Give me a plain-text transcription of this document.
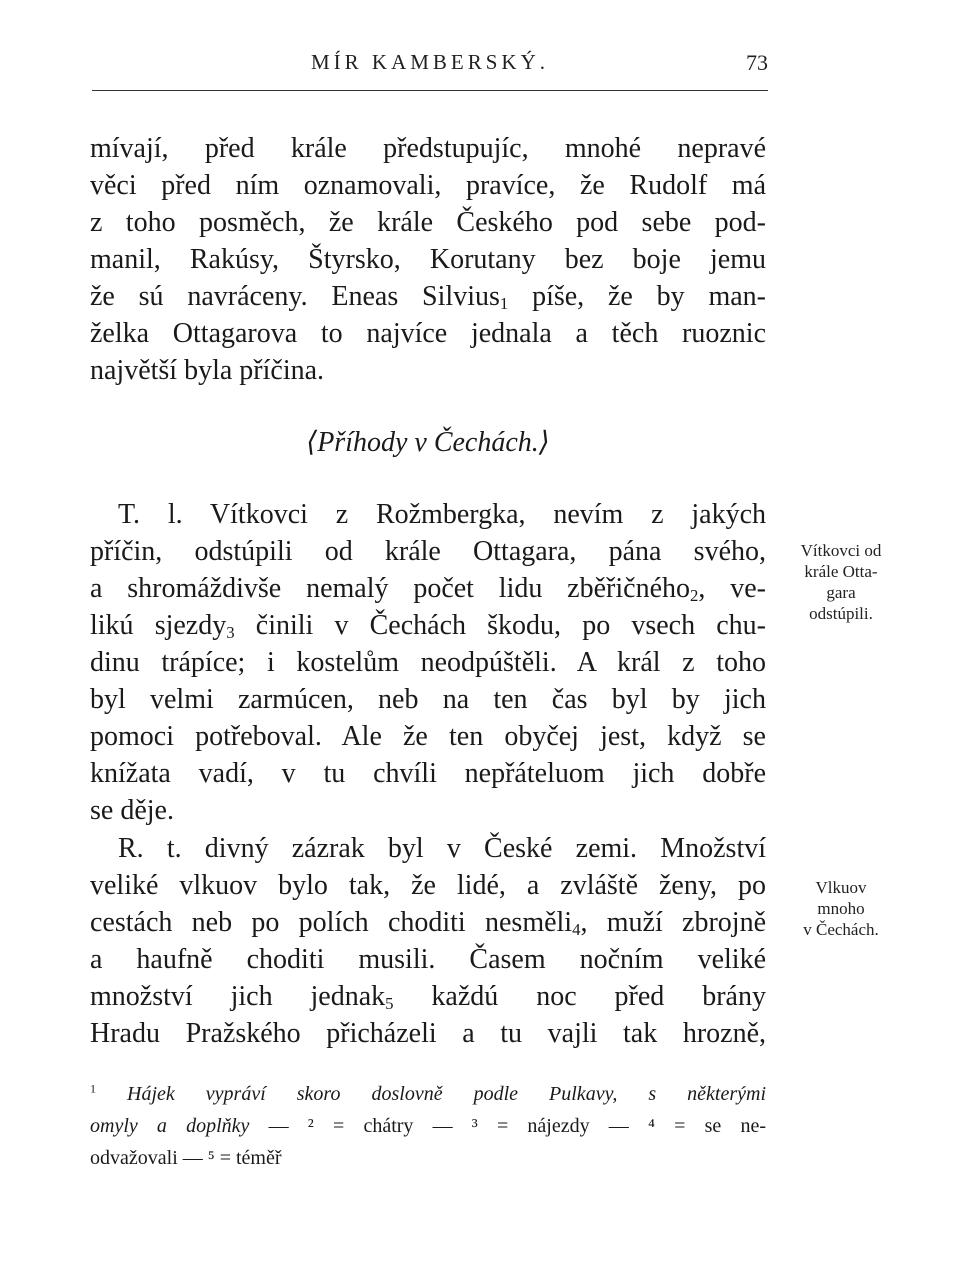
MÍR KAMBERSKÝ.	73
mívají, před krále předstupujíc, mnohé nepravé
věci před ním oznamovali, pravíce, že Rudolf má
z toho posměch, že krále Českého pod sebe pod-
manil, Rakúsy, Štyrsko, Korutany bez boje jemu
že sú navráceny. Eneas Silvius$_1$ píše, že by man-
želka Ottagarova to najvíce jednala a těch ruoznic
najvětší byla příčina.
⟨Příhody v Čechách.⟩
T. l. Vítkovci z Rožmbergka, nevím z jakých
příčin, odstúpili od krále Ottagara, pána svého,
a shromáždivše nemalý počet lidu zběřičného$_2$, ve-
likú sjezdy$_3$ činili v Čechách škodu, po vsech chu-
dinu trápíce; i kostelům neodpúštěli. A král z toho
byl velmi zarmúcen, neb na ten čas byl by jich
pomoci potřeboval. Ale že ten obyčej jest, když se
knížata vadí, v tu chvíli nepřáteluom jich dobře
se děje.
Vítkovci od
krále Otta-
gara
odstúpili.
R. t. divný zázrak byl v České zemi. Množství
veliké vlkuov bylo tak, že lidé, a zvláště ženy, po
cestách neb po polích choditi nesměli$_4$, muží zbrojně
a haufně choditi musili. Časem nočním veliké
množství jich jednak$_5$ každú noc před brány
Hradu Pražského přicházeli a tu vajli tak hrozně,
Vlkuov
mnoho
v Čechách.
$^1$ Hájek vypráví skoro doslovně podle Pulkavy, s některými
omyly a doplňky — ² = chátry — ³ = nájezdy — ⁴ = se ne-
odvažovali — ⁵ = téměř
